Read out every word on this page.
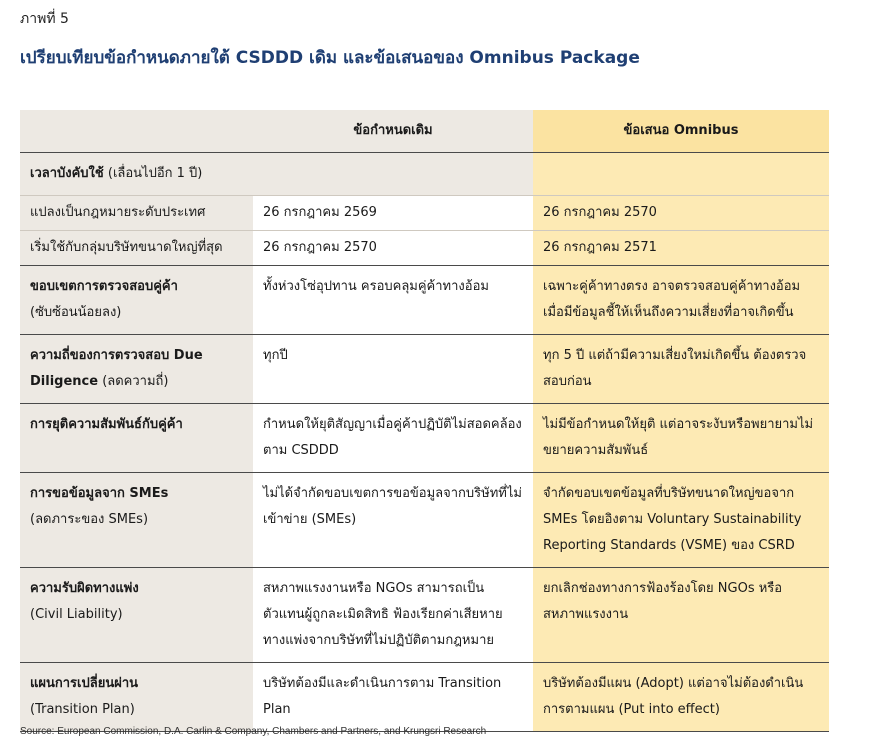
ภาพที่ 5
เปรียบเทียบข้อกำหนดภายใต้ CSDDD เดิม และข้อเสนอของ Omnibus Package
	ข้อกำหนดเดิม	ข้อเสนอ Omnibus
เวลาบังคับใช้ (เลื่อนไปอีก 1 ปี)		
แปลงเป็นกฎหมายระดับประเทศ	26 กรกฎาคม 2569	26 กรกฎาคม 2570
เริ่มใช้กับกลุ่มบริษัทขนาดใหญ่ที่สุด	26 กรกฎาคม 2570	26 กรกฎาคม 2571

ขอบเขตการตรวจสอบคู่ค้า
(ซับซ้อนน้อยลง)	ทั้งห่วงโซ่อุปทาน ครอบคลุมคู่ค้าทางอ้อม	เฉพาะคู่ค้าทางตรง อาจตรวจสอบคู่ค้าทางอ้อม เมื่อมีข้อมูลชี้ให้เห็นถึงความเสี่ยงที่อาจเกิดขึ้น
ความถี่ของการตรวจสอบ Due Diligence (ลดความถี่)	ทุกปี	ทุก 5 ปี แต่ถ้ามีความเสี่ยงใหม่เกิดขึ้น ต้องตรวจสอบก่อน
การยุติความสัมพันธ์กับคู่ค้า	กำหนดให้ยุติสัญญาเมื่อคู่ค้าปฏิบัติไม่สอดคล้องตาม CSDDD	ไม่มีข้อกำหนดให้ยุติ แต่อาจระงับหรือพยายามไม่ขยายความสัมพันธ์

การขอข้อมูลจาก SMEs
(ลดภาระของ SMEs)	ไม่ได้จำกัดขอบเขตการขอข้อมูลจากบริษัทที่ไม่เข้าข่าย (SMEs)	จำกัดขอบเขตข้อมูลที่บริษัทขนาดใหญ่ขอจาก SMEs โดยอิงตาม Voluntary Sustainability Reporting Standards (VSME) ของ CSRD

ความรับผิดทางแพ่ง
(Civil Liability)	สหภาพแรงงานหรือ NGOs สามารถเป็นตัวแทนผู้ถูกละเมิดสิทธิ ฟ้องเรียกค่าเสียหายทางแพ่งจากบริษัทที่ไม่ปฏิบัติตามกฎหมาย	ยกเลิกช่องทางการฟ้องร้องโดย NGOs หรือสหภาพแรงงาน

แผนการเปลี่ยนผ่าน
(Transition Plan)	บริษัทต้องมีและดำเนินการตาม Transition Plan	บริษัทต้องมีแผน (Adopt) แต่อาจไม่ต้องดำเนินการตามแผน (Put into effect)
Source: European Commission, D.A. Carlin & Company, Chambers and Partners, and Krungsri Research
